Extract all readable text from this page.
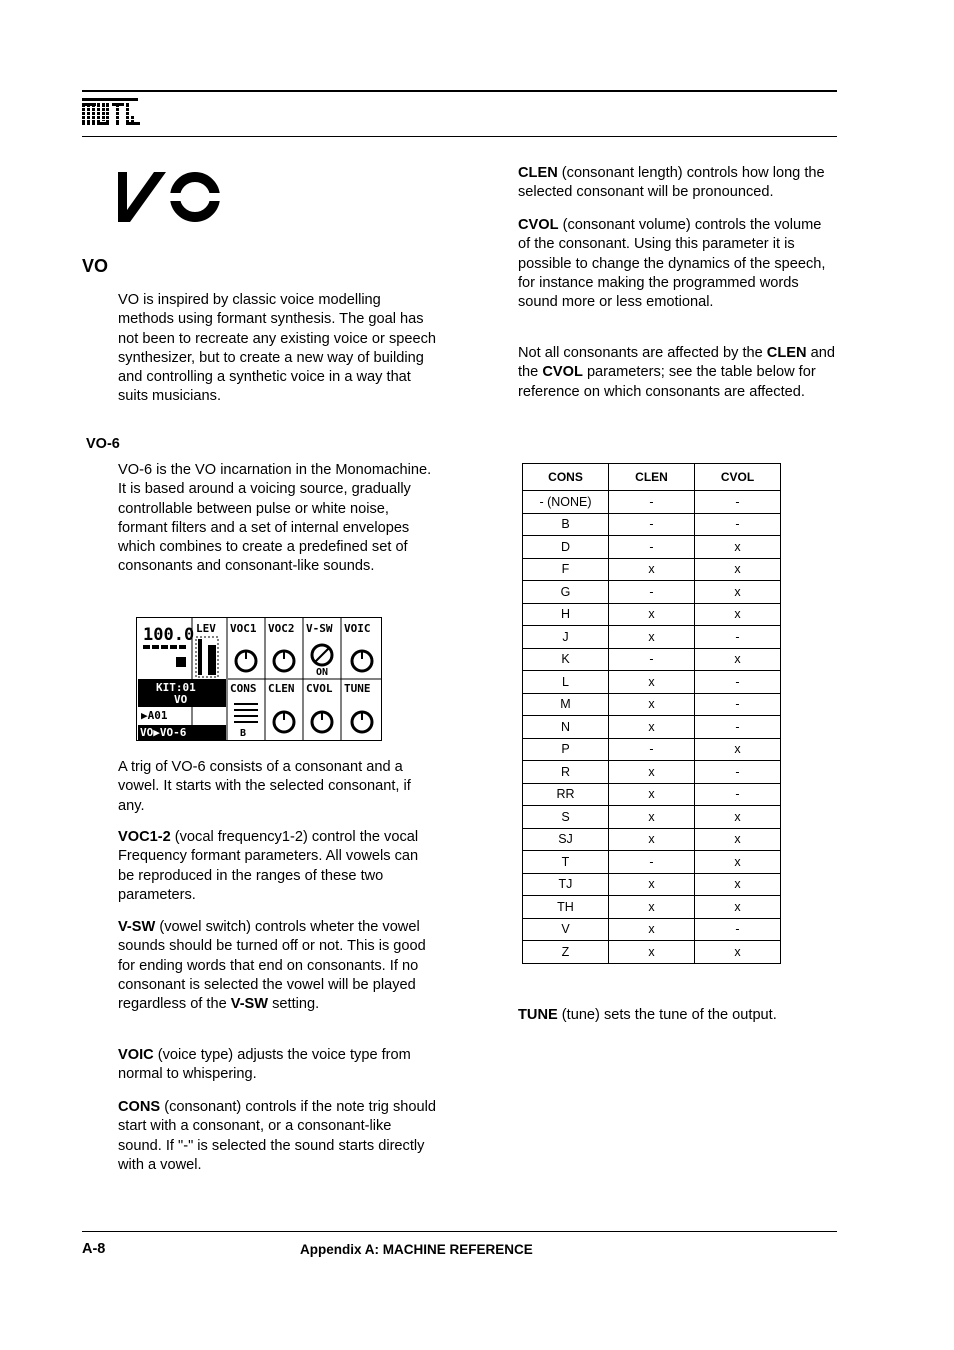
VO
VO is inspired by classic voice modelling methods using formant synthesis. The goal has not been to recreate any existing voice or speech synthesizer, but to create a new way of building and controlling a synthetic voice in a way that suits musicians.
VO-6
VO-6 is the VO incarnation in the Monomachine. It is based around a voicing source, gradually controllable between pulse or white noise, formant filters and a set of internal envelopes which combines to create a predefined set of consonants and consonant-like sounds.
100.0 LEV VOC1 VOC2 V-SW VOIC
CONS CLEN CVOL TUNE
ON
B
KIT:01
VO
▶A01
VO▶VO-6
A trig of VO-6 consists of a consonant and a vowel. It starts with the selected consonant, if any.
VOC1-2 (vocal frequency1-2) control the vocal Frequency formant parameters. All vowels can be reproduced in the ranges of these two parameters.
V-SW (vowel switch) controls wheter the vowel sounds should be turned off or not. This is good for ending words that end on consonants. If no consonant is selected the vowel will be played regardless of the V-SW setting.
VOIC (voice type) adjusts the voice type from normal to whispering.
CONS (consonant) controls if the note trig should start with a consonant, or a consonant-like sound. If "-" is selected the sound starts directly with a vowel.
CLEN (consonant length) controls how long the selected consonant will be pronounced.
CVOL (consonant volume) controls the volume of the consonant. Using this parameter it is possible to change the dynamics of the speech, for instance making the programmed words sound more or less emotional.
Not all consonants are affected by the CLEN and the CVOL parameters; see the table below for reference on which consonants are affected.
CONS	CLEN	CVOL
- (NONE)	-	-
B	-	-
D	-	x
F	x	x
G	-	x
H	x	x
J	x	-
K	-	x
L	x	-
M	x	-
N	x	-
P	-	x
R	x	-
RR	x	-
S	x	x
SJ	x	x
T	-	x
TJ	x	x
TH	x	x
V	x	-
Z	x	x
TUNE (tune) sets the tune of the output.
A-8	Appendix A: MACHINE REFERENCE
